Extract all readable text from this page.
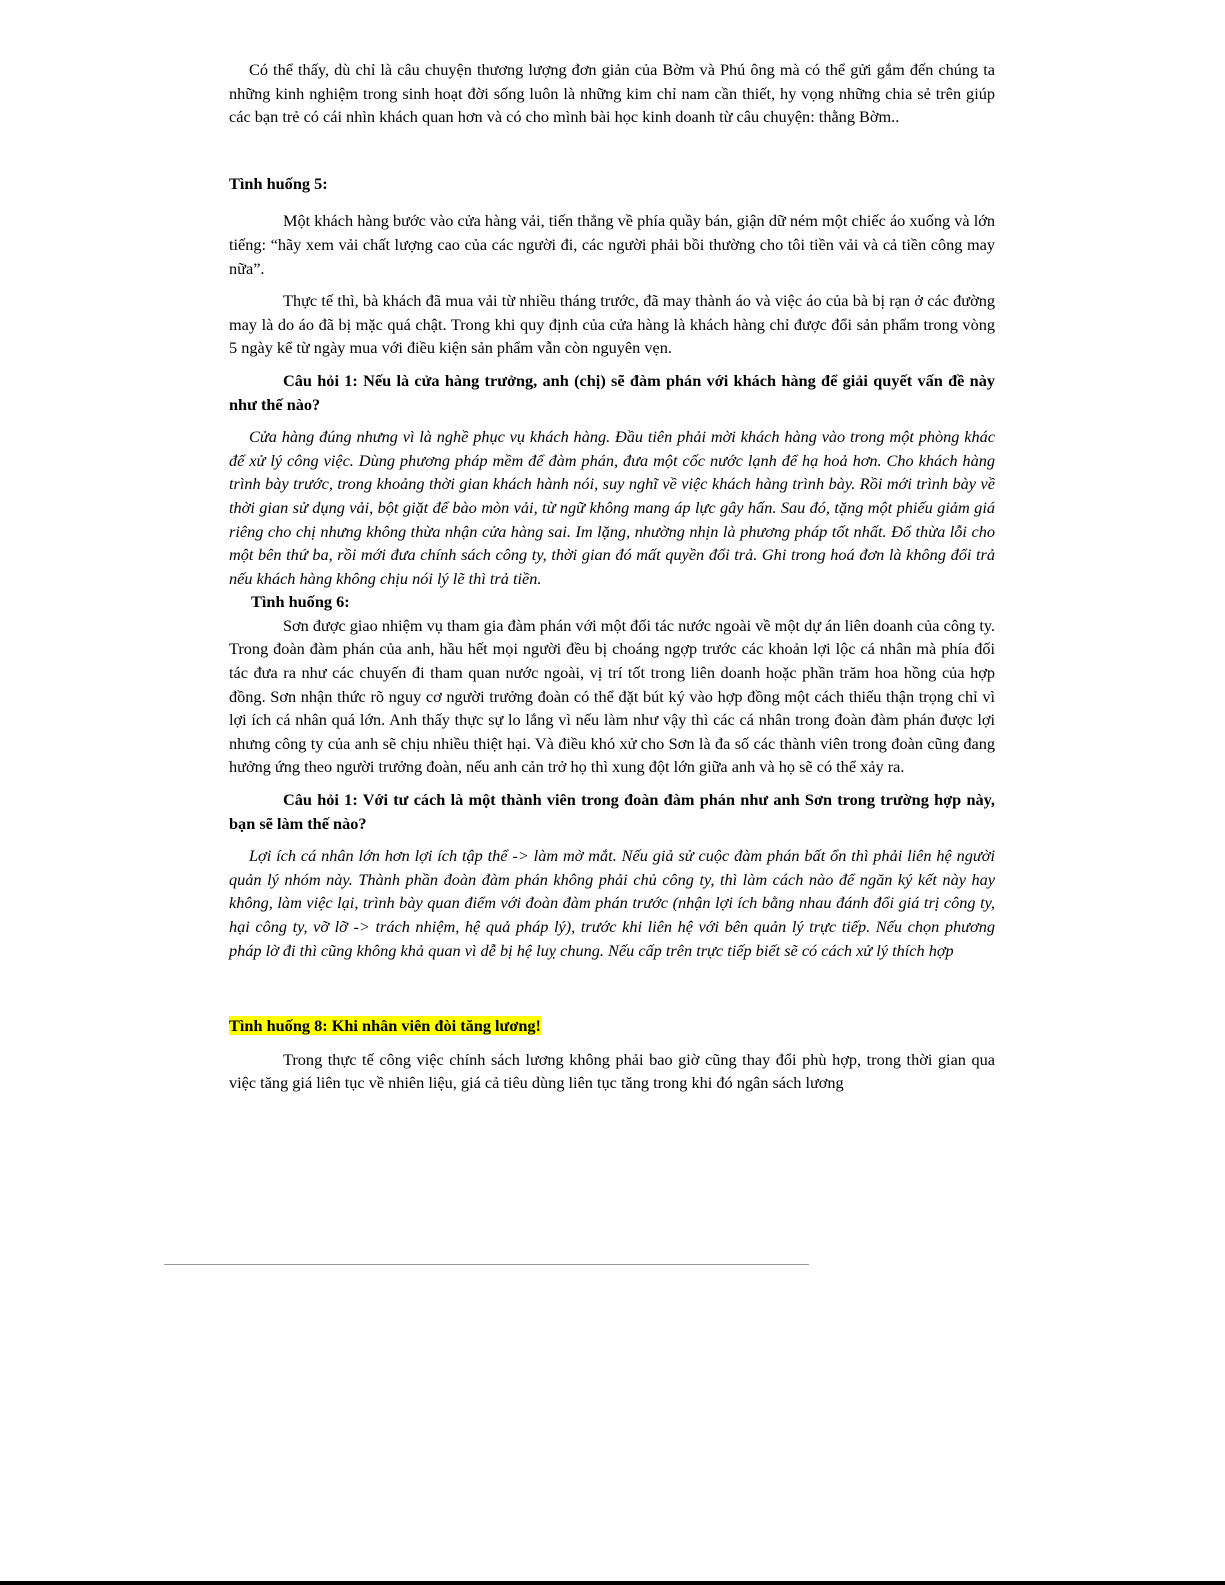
Có thể thấy, dù chỉ là câu chuyện thương lượng đơn giản của Bờm và Phú ông mà có thể gửi gắm đến chúng ta những kinh nghiệm trong sinh hoạt đời sống luôn là những kim chỉ nam cần thiết, hy vọng những chia sẻ trên giúp các bạn trẻ có cái nhìn khách quan hơn và có cho mình bài học kinh doanh từ câu chuyện: thằng Bờm..

Tình huống 5:

Một khách hàng bước vào cửa hàng vải, tiến thẳng về phía quầy bán, giận dữ ném một chiếc áo xuống và lớn tiếng: “hãy xem vải chất lượng cao của các người đi, các người phải bồi thường cho tôi tiền vải và cả tiền công may nữa”.

Thực tế thì, bà khách đã mua vải từ nhiều tháng trước, đã may thành áo và việc áo của bà bị rạn ở các đường may là do áo đã bị mặc quá chật. Trong khi quy định của cửa hàng là khách hàng chỉ được đổi sản phẩm trong vòng 5 ngày kể từ ngày mua với điều kiện sản phẩm vẫn còn nguyên vẹn.

Câu hỏi 1: Nếu là cửa hàng trưởng, anh (chị) sẽ đàm phán với khách hàng để giải quyết vấn đề này như thế nào?

Cửa hàng đúng nhưng vì là nghề phục vụ khách hàng. Đầu tiên phải mời khách hàng vào trong một phòng khác để xử lý công việc. Dùng phương pháp mềm để đàm phán, đưa một cốc nước lạnh để hạ hoả hơn. Cho khách hàng trình bày trước, trong khoảng thời gian khách hành nói, suy nghĩ về việc khách hàng trình bày. Rồi mới trình bày về thời gian sử dụng vải, bột giặt để bào mòn vải, từ ngữ không mang áp lực gây hấn. Sau đó, tặng một phiếu giảm giá riêng cho chị nhưng không thừa nhận cửa hàng sai. Im lặng, nhường nhịn là phương pháp tốt nhất. Đổ thừa lỗi cho một bên thứ ba, rồi mới đưa chính sách công ty, thời gian đó mất quyền đổi trả. Ghi trong hoá đơn là không đổi trả nếu khách hàng không chịu nói lý lẽ thì trả tiền.

Tình huống 6:

Sơn được giao nhiệm vụ tham gia đàm phán với một đối tác nước ngoài về một dự án liên doanh của công ty. Trong đoàn đàm phán của anh, hầu hết mọi người đều bị choáng ngợp trước các khoản lợi lộc cá nhân mà phía đối tác đưa ra như các chuyến đi tham quan nước ngoài, vị trí tốt trong liên doanh hoặc phần trăm hoa hồng của hợp đồng. Sơn nhận thức rõ nguy cơ người trưởng đoàn có thể đặt bút ký vào hợp đồng một cách thiếu thận trọng chỉ vì lợi ích cá nhân quá lớn. Anh thấy thực sự lo lắng vì nếu làm như vậy thì các cá nhân trong đoàn đàm phán được lợi nhưng công ty của anh sẽ chịu nhiều thiệt hại. Và điều khó xử cho Sơn là đa số các thành viên trong đoàn cũng đang hưởng ứng theo người trưởng đoàn, nếu anh cản trở họ thì xung đột lớn giữa anh và họ sẽ có thể xảy ra.

Câu hỏi 1: Với tư cách là một thành viên trong đoàn đàm phán như anh Sơn trong trường hợp này, bạn sẽ làm thế nào?

Lợi ích cá nhân lớn hơn lợi ích tập thể -> làm mờ mắt. Nếu giả sử cuộc đàm phán bất ổn thì phải liên hệ người quản lý nhóm này. Thành phần đoàn đàm phán không phải chủ công ty, thì làm cách nào để ngăn ký kết này hay không, làm việc lại, trình bày quan điểm với đoàn đàm phán trước (nhận lợi ích bằng nhau đánh đổi giá trị công ty, hại công ty, vỡ lỡ -> trách nhiệm, hệ quả pháp lý), trước khi liên hệ với bên quản lý trực tiếp. Nếu chọn phương pháp lờ đi thì cũng không khả quan vì dễ bị hệ luỵ chung. Nếu cấp trên trực tiếp biết sẽ có cách xử lý thích hợp

Tình huống 8: Khi nhân viên đòi tăng lương!

Trong thực tế công việc chính sách lương không phải bao giờ cũng thay đổi phù hợp, trong thời gian qua việc tăng giá liên tục về nhiên liệu, giá cả tiêu dùng liên tục tăng trong khi đó ngân sách lương
